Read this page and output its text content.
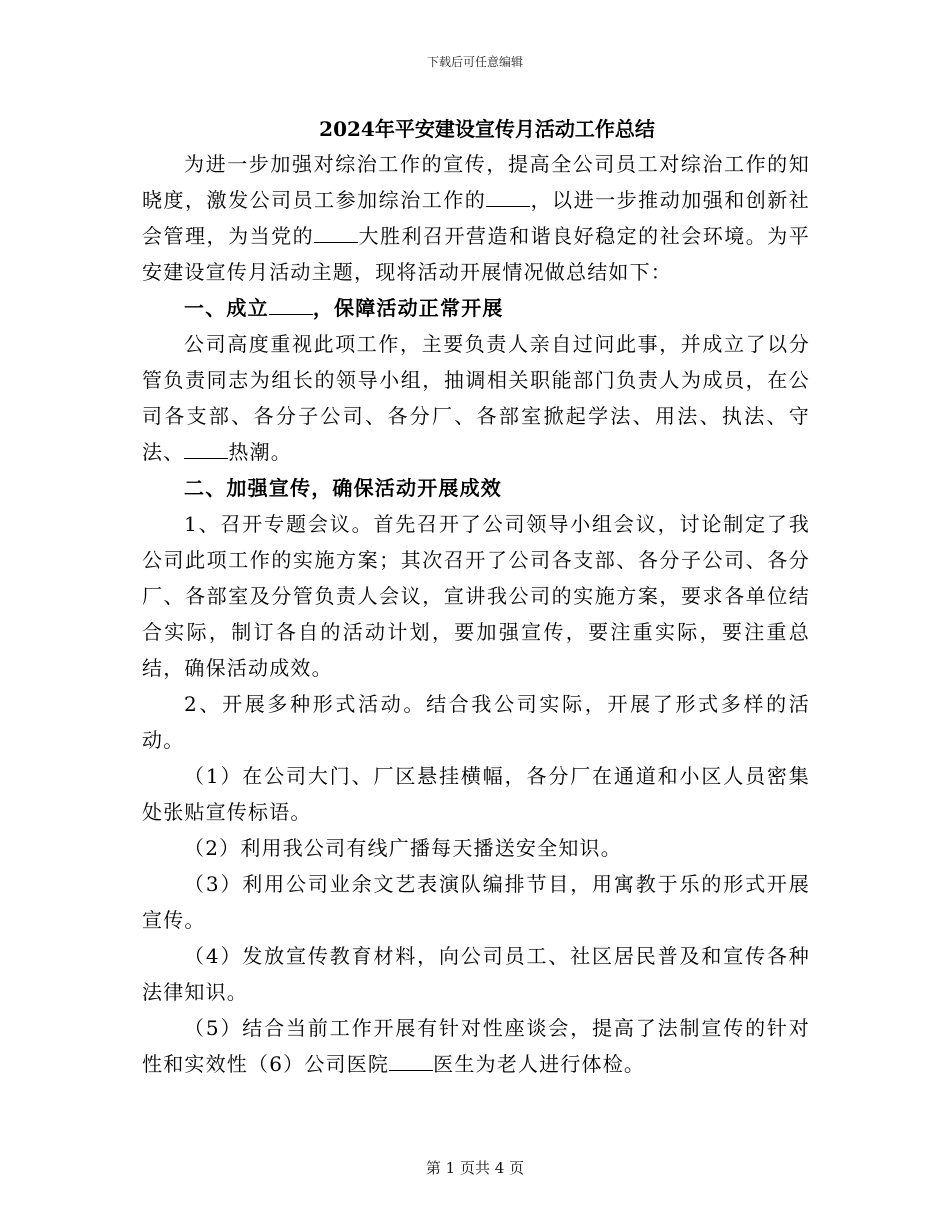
下载后可任意编辑
2024年平安建设宣传月活动工作总结

为进一步加强对综治工作的宣传，提高全公司员工对综治工作的知晓度，激发公司员工参加综治工作的 ，以进一步推动加强和创新社会管理，为当党的 大胜利召开营造和谐良好稳定的社会环境。为平安建设宣传月活动主题，现将活动开展情况做总结如下：

一、成立 ，保障活动正常开展

公司高度重视此项工作，主要负责人亲自过问此事，并成立了以分管负责同志为组长的领导小组，抽调相关职能部门负责人为成员，在公司各支部、各分子公司、各分厂、各部室掀起学法、用法、执法、守法、 热潮。

二、加强宣传，确保活动开展成效

1、召开专题会议。首先召开了公司领导小组会议，讨论制定了我公司此项工作的实施方案；其次召开了公司各支部、各分子公司、各分厂、各部室及分管负责人会议，宣讲我公司的实施方案，要求各单位结合实际，制订各自的活动计划，要加强宣传，要注重实际，要注重总结，确保活动成效。

2、开展多种形式活动。结合我公司实际，开展了形式多样的活动。

（1）在公司大门、厂区悬挂横幅，各分厂在通道和小区人员密集处张贴宣传标语。

（2）利用我公司有线广播每天播送安全知识。

（3）利用公司业余文艺表演队编排节目，用寓教于乐的形式开展宣传。

（4）发放宣传教育材料，向公司员工、社区居民普及和宣传各种法律知识。

（5）结合当前工作开展有针对性座谈会，提高了法制宣传的针对性和实效性（6）公司医院 医生为老人进行体检。

第 1 页共 4 页
